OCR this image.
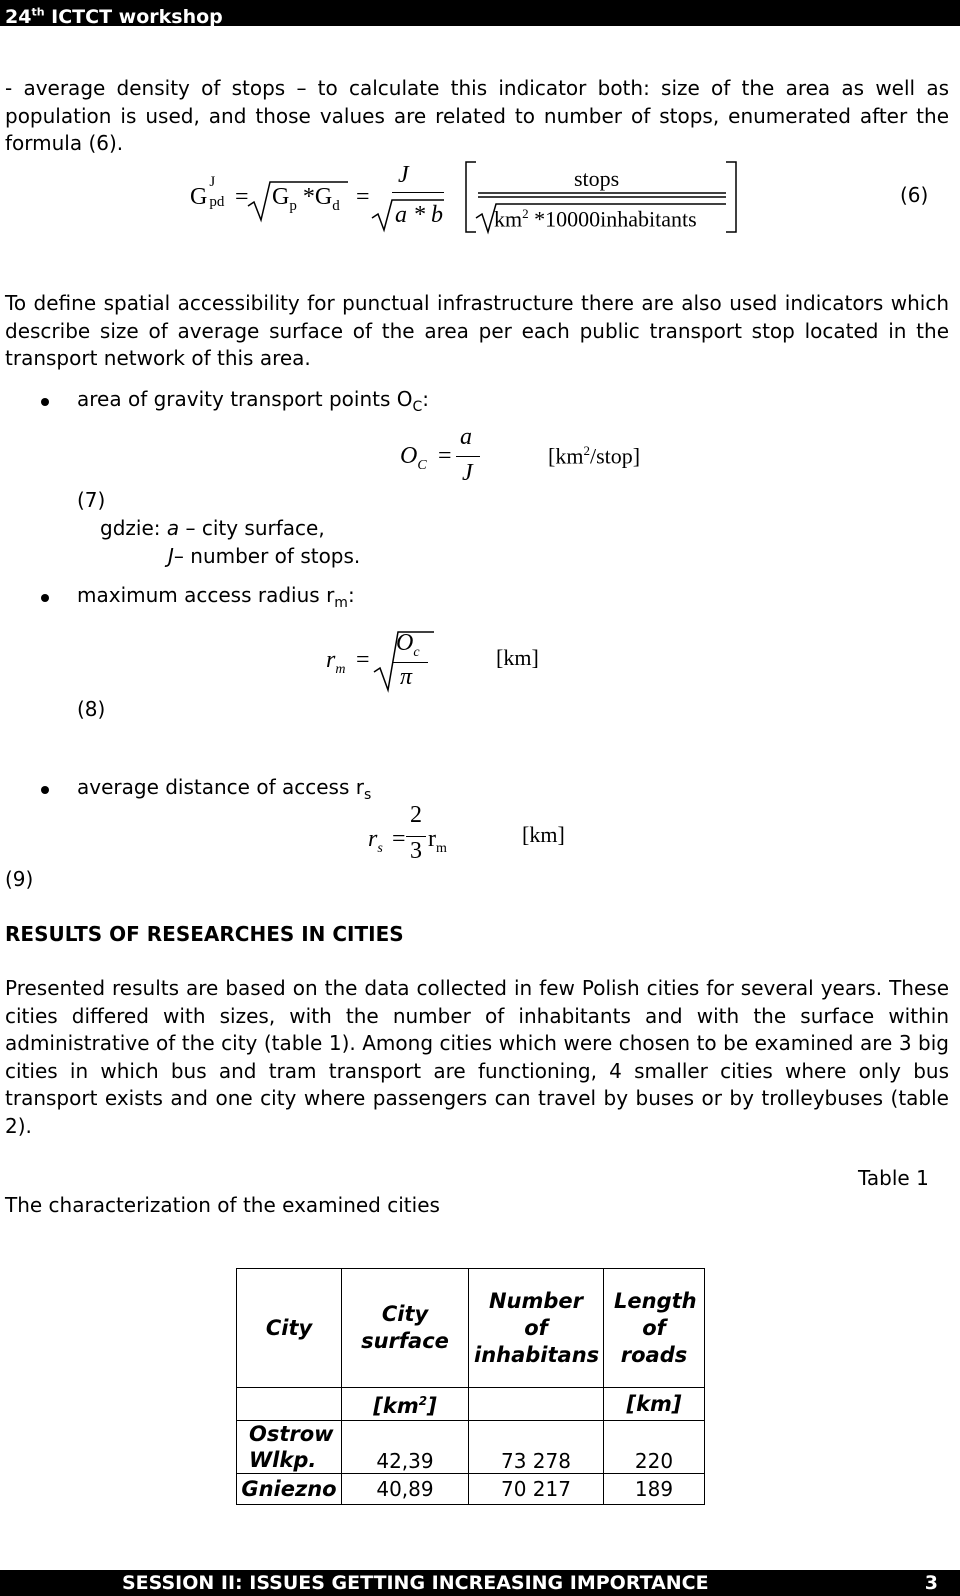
24th ICTCT workshop

- average density of stops – to calculate this indicator both: size of the area as well as population is used, and those values are related to number of stops, enumerated after the formula (6).

G
J
pd = $G_p$ $*G_d$ =
J
a * b
stops
$km^2$ *10000inhabitants
(6)

To define spatial accessibility for punctual infrastructure there are also used indicators which describe size of average surface of the area per each public transport stop located in the transport network of this area.

area of gravity transport points $O_C$:
$O_C$ =
a
J
$[km^2/stop]$
(7)
gdzie: a – city surface,
J– number of stops.
maximum access radius $r_m$:
$r_m$ =
$O_c$
π
[km]
(8)
average distance of access $r_s$
$r_s$ =
2
3 $r_m$
[km]
(9)
RESULTS OF RESEARCHES IN CITIES

Presented results are based on the data collected in few Polish cities for several years. These cities differed with sizes, with the number of inhabitants and with the surface within administrative of the city (table 1). Among cities which were chosen to be examined are 3 big cities in which bus and tram transport are functioning, 4 smaller cities where only bus transport exists and one city where passengers can travel by buses or by trolleybuses (table 2).

Table 1
The characterization of the examined cities
City	City surface	Number of inhabitans	Length of roads

	$[km^2]$		[km]
Ostrow Wlkp.	42,39	73 278	220
Gniezno	40,89	70 217	189
SESSION II: ISSUES GETTING INCREASING IMPORTANCE	3
